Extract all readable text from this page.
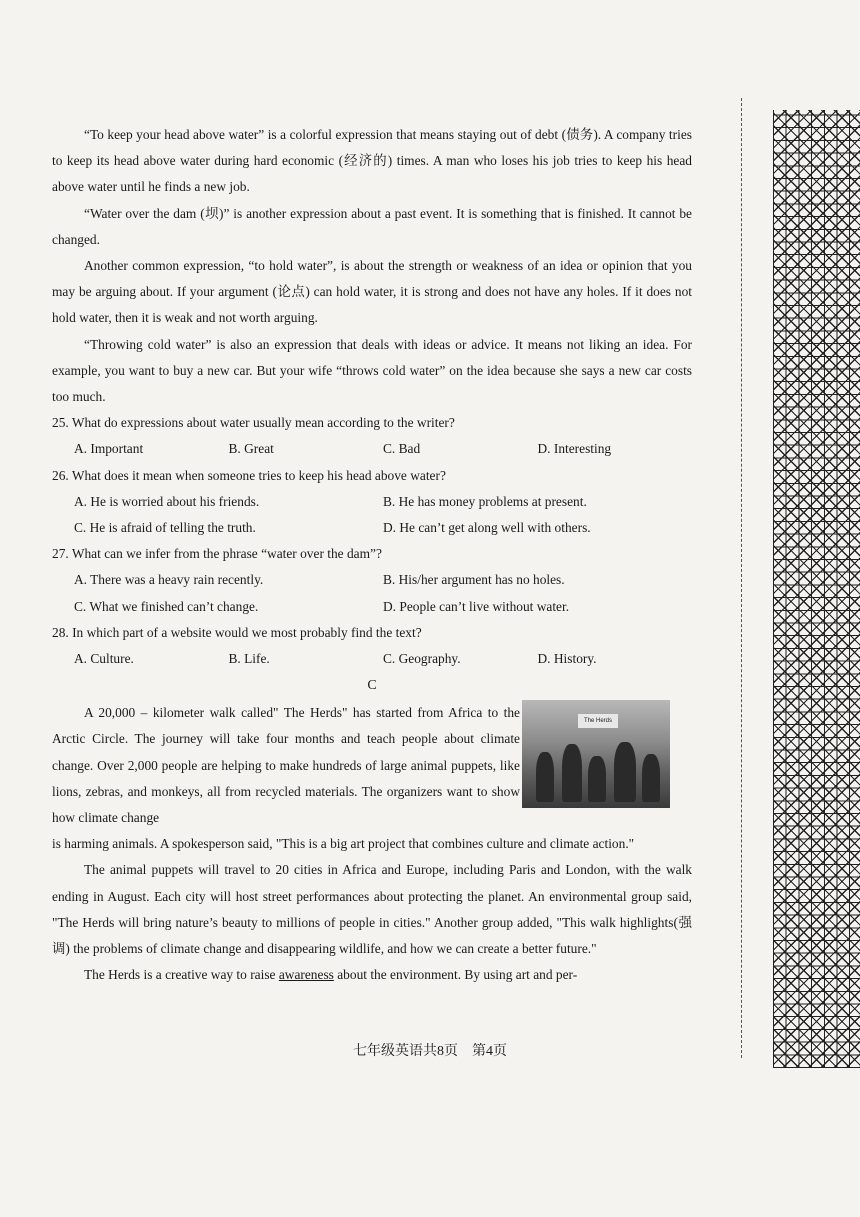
“To keep your head above water” is a colorful expression that means staying out of debt (债务). A company tries to keep its head above water during hard economic (经济的) times. A man who loses his job tries to keep his head above water until he finds a new job.

“Water over the dam (坝)” is another expression about a past event. It is something that is finished. It cannot be changed.

Another common expression, “to hold water”, is about the strength or weakness of an idea or opinion that you may be arguing about. If your argument (论点) can hold water, it is strong and does not have any holes. If it does not hold water, then it is weak and not worth arguing.

“Throwing cold water” is also an expression that deals with ideas or advice. It means not liking an idea. For example, you want to buy a new car. But your wife “throws cold water” on the idea because she says a new car costs too much.

25. What do expressions about water usually mean according to the writer?

A. Important	B. Great	C. Bad	D. Interesting

26. What does it mean when someone tries to keep his head above water?

A. He is worried about his friends.	B. He has money problems at present.
C. He is afraid of telling the truth.	D. He can’t get along well with others.

27. What can we infer from the phrase “water over the dam”?

A. There was a heavy rain recently.	B. His/her argument has no holes.
C. What we finished can’t change.	D. People can’t live without water.

28. In which part of a website would we most probably find the text?

A. Culture.	B. Life.	C. Geography.	D. History.

C

The Herds

A 20,000 – kilometer walk called" The Herds" has started from Africa to the Arctic Circle. The journey will take four months and teach people about climate change. Over 2,000 people are helping to make hundreds of large animal puppets, like lions, zebras, and monkeys, all from recycled materials. The organizers want to show how climate change

is harming animals. A spokesperson said, "This is a big art project that combines culture and climate action."

The animal puppets will travel to 20 cities in Africa and Europe, including Paris and London, with the walk ending in August. Each city will host street performances about protecting the planet. An environmental group said, "The Herds will bring nature’s beauty to millions of people in cities." Another group added, "This walk highlights(强调) the problems of climate change and disappearing wildlife, and how we can create a better future."

The Herds is a creative way to raise awareness about the environment. By using art and per-

七年级英语共8页　第4页
